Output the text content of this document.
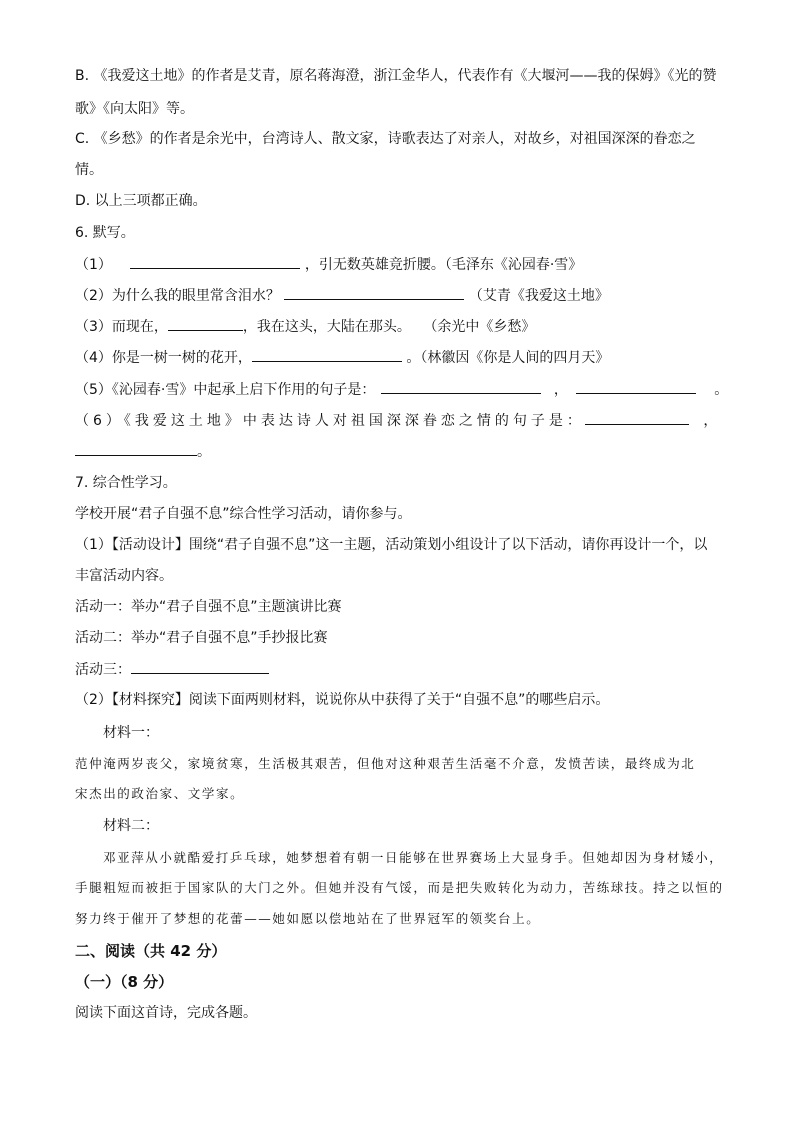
B. 《我爱这土地》的作者是艾青，原名蒋海澄，浙江金华人，代表作有《大堰河——我的保姆》《光的赞
歌》《向太阳》等。
C. 《乡愁》的作者是余光中，台湾诗人、散文家，诗歌表达了对亲人，对故乡，对祖国深深的眷恋之
情。
D. 以上三项都正确。
6. 默写。
（1）	，引无数英雄竞折腰。（毛泽东《沁园春·雪》
（2）为什么我的眼里常含泪水？	（艾青《我爱这土地》
（3）而现在，	，我在这头，大陆在那头。 （余光中《乡愁》
（4）你是一树一树的花开，	。（林徽因《你是人间的四月天》
（5）《沁园春·雪》中起承上启下作用的句子是：	，	。
（6）《我爱这土地》中表达诗人对祖国深深眷恋之情的句子是：	，
。
7. 综合性学习。
学校开展“君子自强不息”综合性学习活动，请你参与。
（1）【活动设计】围绕“君子自强不息”这一主题，活动策划小组设计了以下活动，请你再设计一个，以
丰富活动内容。
活动一：举办“君子自强不息”主题演讲比赛
活动二：举办“君子自强不息”手抄报比赛
活动三：
（2）【材料探究】阅读下面两则材料，说说你从中获得了关于“自强不息”的哪些启示。
材料一：
范仲淹两岁丧父，家境贫寒，生活极其艰苦，但他对这种艰苦生活毫不介意，发愤苦读，最终成为北
宋杰出的政治家、文学家。
材料二：
邓亚萍从小就酷爱打乒乓球，她梦想着有朝一日能够在世界赛场上大显身手。但她却因为身材矮小，
手腿粗短而被拒于国家队的大门之外。但她并没有气馁，而是把失败转化为动力，苦练球技。持之以恒的
努力终于催开了梦想的花蕾——她如愿以偿地站在了世界冠军的领奖台上。
二、阅读（共 42 分）
（一）（8 分）
阅读下面这首诗，完成各题。
